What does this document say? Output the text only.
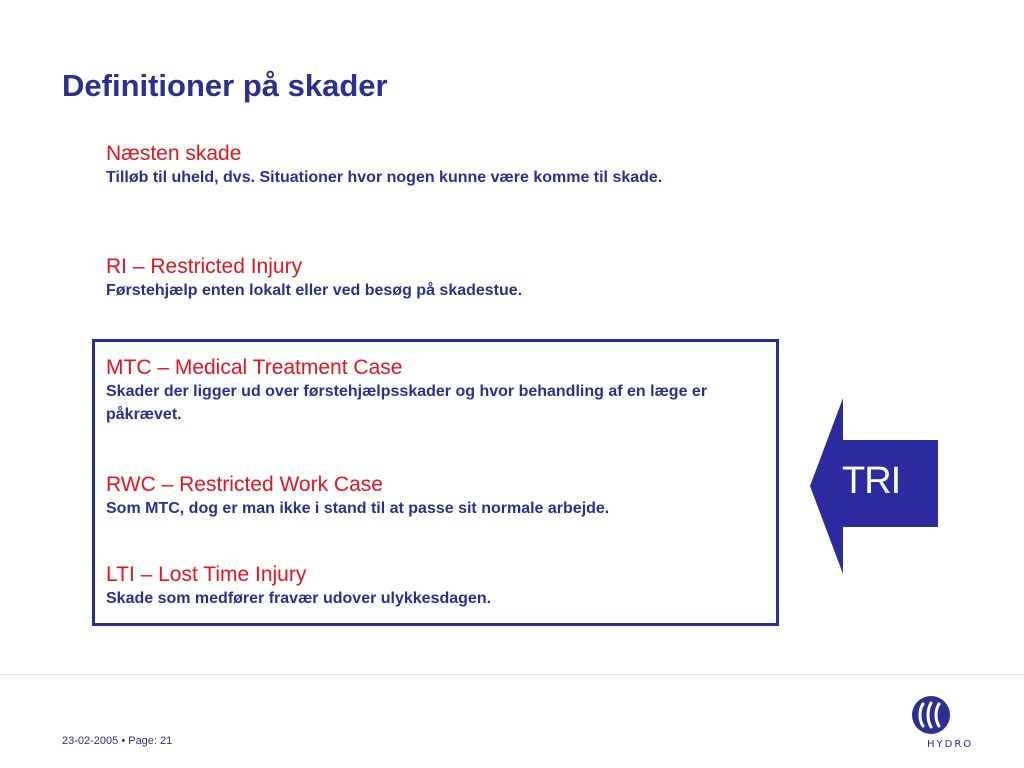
Definitioner på skader
Næsten skade
Tilløb til uheld, dvs. Situationer hvor nogen kunne være komme til skade.
RI – Restricted Injury
Førstehjælp enten lokalt eller ved besøg på skadestue.
MTC – Medical Treatment Case
Skader der ligger ud over førstehjælpsskader og hvor behandling af en læge er påkrævet.
RWC – Restricted Work Case
Som MTC, dog er man ikke i stand til at passe sit normale arbejde.
LTI – Lost Time Injury
Skade som medfører fravær udover ulykkesdagen.
TRI
23-02-2005 • Page: 21	HYDRO
